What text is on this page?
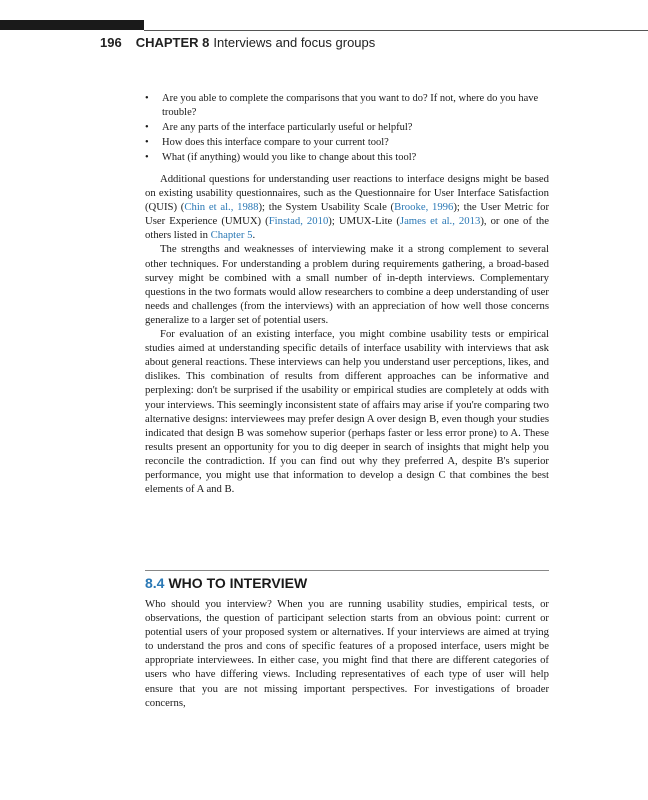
196 CHAPTER 8 Interviews and focus groups
• Are you able to complete the comparisons that you want to do? If not, where do you have trouble?
• Are any parts of the interface particularly useful or helpful?
• How does this interface compare to your current tool?
• What (if anything) would you like to change about this tool?

Additional questions for understanding user reactions to interface designs might be based on existing usability questionnaires, such as the Questionnaire for User Interface Satisfaction (QUIS) (Chin et al., 1988); the System Usability Scale (Brooke, 1996); the User Metric for User Experience (UMUX) (Finstad, 2010); UMUX-Lite (James et al., 2013), or one of the others listed in Chapter 5.

The strengths and weaknesses of interviewing make it a strong complement to several other techniques. For understanding a problem during requirements gathering, a broad-based survey might be combined with a small number of in-depth interviews. Complementary questions in the two formats would allow researchers to combine a deep understanding of user needs and challenges (from the interviews) with an appreciation of how well those concerns generalize to a larger set of potential users.

For evaluation of an existing interface, you might combine usability tests or empirical studies aimed at understanding specific details of interface usability with interviews that ask about general reactions. These interviews can help you understand user perceptions, likes, and dislikes. This combination of results from different approaches can be informative and perplexing: don't be surprised if the usability or empirical studies are completely at odds with your interviews. This seemingly inconsistent state of affairs may arise if you're comparing two alternative designs: interviewees may prefer design A over design B, even though your studies indicated that design B was somehow superior (perhaps faster or less error prone) to A. These results present an opportunity for you to dig deeper in search of insights that might help you reconcile the contradiction. If you can find out why they preferred A, despite B's superior performance, you might use that information to develop a design C that combines the best elements of A and B.

8.4 WHO TO INTERVIEW

Who should you interview? When you are running usability studies, empirical tests, or observations, the question of participant selection starts from an obvious point: current or potential users of your proposed system or alternatives. If your interviews are aimed at trying to understand the pros and cons of specific features of a proposed interface, users might be appropriate interviewees. In either case, you might find that there are different categories of users who have differing views. Including representatives of each type of user will help ensure that you are not missing important perspectives. For investigations of broader concerns,
